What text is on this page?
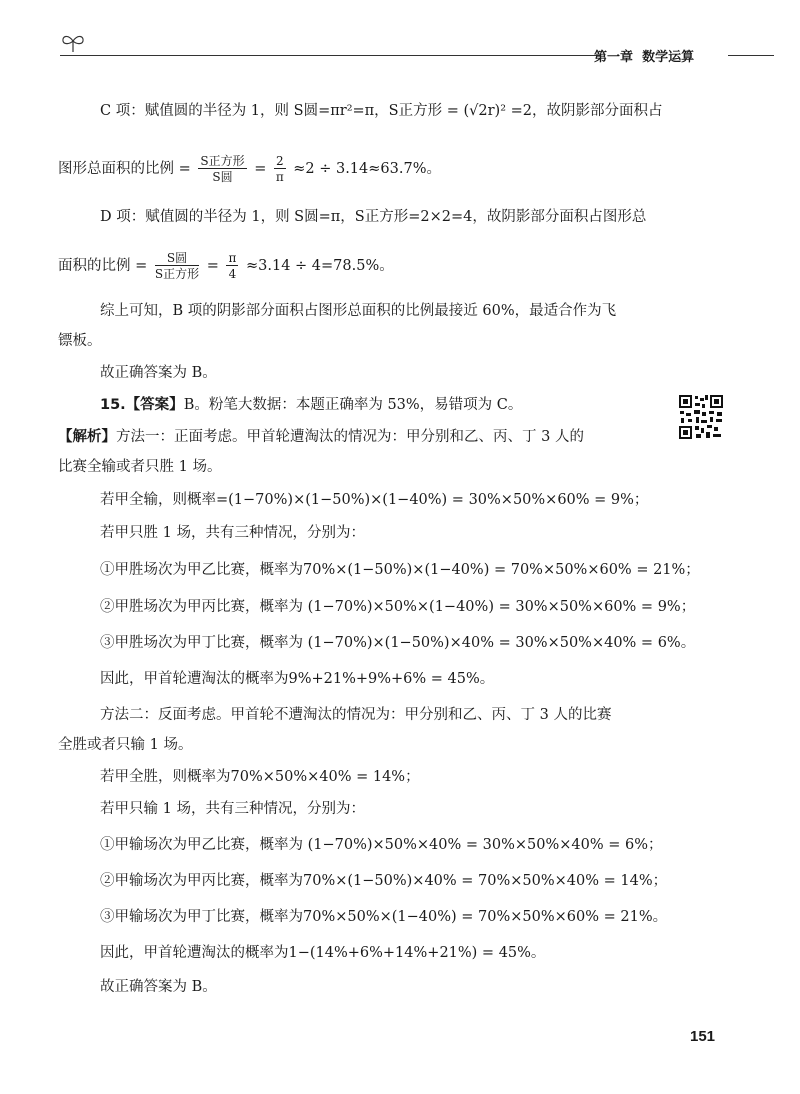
第一章 数学运算
C 项：赋值圆的半径为 1，则 S圆=πr²=π，S正方形 = (√2r)² =2，故阴影部分面积占
图形总面积的比例 = $\frac{\text{S正方形}}{\text{S圆}} = \frac{2}{\pi} \approx 2 \div 3.14\approx 63.7\%$。
D 项：赋值圆的半径为 1，则 S圆=π，S正方形=2×2=4，故阴影部分面积占图形总
面积的比例 = $\frac{\text{S圆}}{\text{S正方形}} = \frac{\pi}{4} \approx 3.14 \div 4=78.5\%$。
综上可知，B 项的阴影部分面积占图形总面积的比例最接近 60%，最适合作为飞
镖板。
故正确答案为 B。
15.【答案】B。粉笔大数据：本题正确率为 53%，易错项为 C。
【解析】方法一：正面考虑。甲首轮遭淘汰的情况为：甲分别和乙、丙、丁 3 人的
比赛全输或者只胜 1 场。
若甲全输，则概率=(1−70%)×(1−50%)×(1−40%) = 30%×50%×60% = 9%；
若甲只胜 1 场，共有三种情况，分别为：
①甲胜场次为甲乙比赛，概率为70%×(1−50%)×(1−40%) = 70%×50%×60% = 21%；
②甲胜场次为甲丙比赛，概率为 (1−70%)×50%×(1−40%) = 30%×50%×60% = 9%；
③甲胜场次为甲丁比赛，概率为 (1−70%)×(1−50%)×40% = 30%×50%×40% = 6%。
因此，甲首轮遭淘汰的概率为9%+21%+9%+6% = 45%。
方法二：反面考虑。甲首轮不遭淘汰的情况为：甲分别和乙、丙、丁 3 人的比赛
全胜或者只输 1 场。
若甲全胜，则概率为70%×50%×40% = 14%；
若甲只输 1 场，共有三种情况，分别为：
①甲输场次为甲乙比赛，概率为 (1−70%)×50%×40% = 30%×50%×40% = 6%；
②甲输场次为甲丙比赛，概率为70%×(1−50%)×40% = 70%×50%×40% = 14%；
③甲输场次为甲丁比赛，概率为70%×50%×(1−40%) = 70%×50%×60% = 21%。
因此，甲首轮遭淘汰的概率为1−(14%+6%+14%+21%) = 45%。
故正确答案为 B。
151
